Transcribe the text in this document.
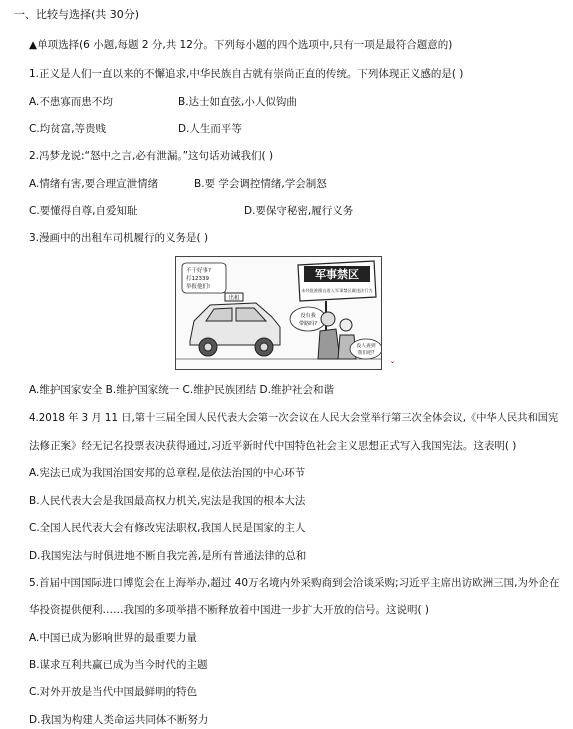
一、比较与选择(共 30分)
▲单项选择(6 小题,每题 2 分,共 12分。下列每小题的四个选项中,只有一项是最符合题意的)
1.正义是人们一直以来的不懈追求,中华民族自古就有崇尚正直的传统。下列体现正义感的是( )
A.不患寡而患不均	B.达士如直弦,小人似钩曲
C.均贫富,等贵贱	D.人生而平等
2.冯梦龙说:“怒中之言,必有泄漏。”这句话劝诫我们( )
A.情绪有害,要合理宣泄情绪	B.要 学会调控情绪,学会制怒
C.要懂得自尊,自爱知耻	D.要保守秘密,履行义务
3.漫画中的出租车司机履行的义务是( )
军事禁区
未经批准擅自进入军事禁区属违法行为
不干好事?
打12339
举报他们!
出租
没有我
带路吗?
没人查到
我们吧?
A.维护国家安全 B.维护国家统一 C.维护民族团结 D.维护社会和谐
ˇ
4.2018 年 3 月 11 日,第十三届全国人民代表大会第一次会议在人民大会堂举行第三次全体会议,《中华人民共和国宪
法修正案》经无记名投票表决获得通过,习近平新时代中国特色社会主义思想正式写入我国宪法。这表明( )
A.宪法已成为我国治国安邦的总章程,是依法治国的中心环节
B.人民代表大会是我国最高权力机关,宪法是我国的根本大法
C.全国人民代表大会有修改宪法职权,我国人民是国家的主人
D.我国宪法与时俱进地不断自我完善,是所有普通法律的总和
5.首届中国国际进口博览会在上海举办,超过 40万名境内外采购商到会洽谈采购;习近平主席出访欧洲三国,为外企在
华投资提供便利……我国的多项举措不断释放着中国进一步扩大开放的信号。这说明( )
A.中国已成为影响世界的最重要力量
B.谋求互利共赢已成为当今时代的主题
C.对外开放是当代中国最鲜明的特色
D.我国为构建人类命运共同体不断努力
